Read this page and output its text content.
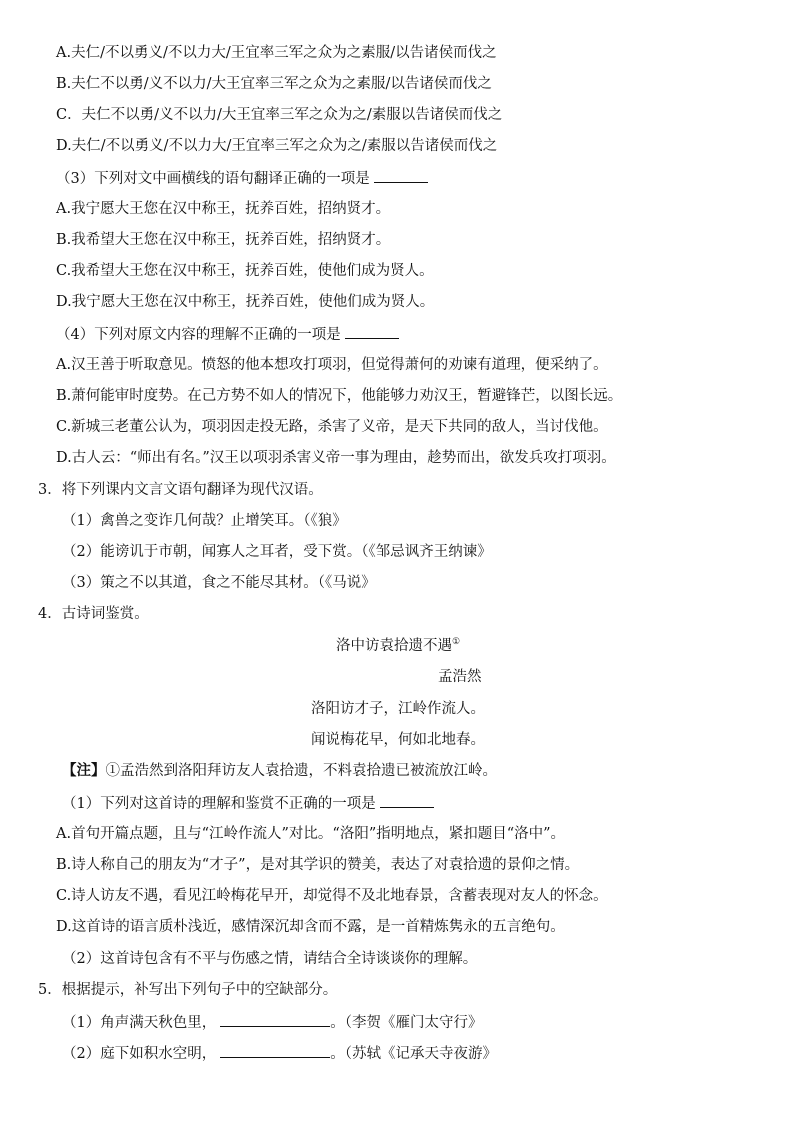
A.夫仁/不以勇义/不以力大/王宜率三军之众为之素服/以告诸侯而伐之
B.夫仁不以勇/义不以力/大王宜率三军之众为之素服/以告诸侯而伐之
C．夫仁不以勇/义不以力/大王宜率三军之众为之/素服以告诸侯而伐之
D.夫仁/不以勇义/不以力大/王宜率三军之众为之/素服以告诸侯而伐之
（3）下列对文中画横线的语句翻译正确的一项是
A.我宁愿大王您在汉中称王，抚养百姓，招纳贤才。
B.我希望大王您在汉中称王，抚养百姓，招纳贤才。
C.我希望大王您在汉中称王，抚养百姓，使他们成为贤人。
D.我宁愿大王您在汉中称王，抚养百姓，使他们成为贤人。
（4）下列对原文内容的理解不正确的一项是
A.汉王善于听取意见。愤怒的他本想攻打项羽，但觉得萧何的劝谏有道理，便采纳了。
B.萧何能审时度势。在己方势不如人的情况下，他能够力劝汉王，暂避锋芒，以图长远。
C.新城三老董公认为，项羽因走投无路，杀害了义帝，是天下共同的敌人，当讨伐他。
D.古人云：“师出有名。”汉王以项羽杀害义帝一事为理由，趁势而出，欲发兵攻打项羽。
3．将下列课内文言文语句翻译为现代汉语。
（1）禽兽之变诈几何哉？止增笑耳。（《狼》
（2）能谤讥于市朝，闻寡人之耳者，受下赏。（《邹忌讽齐王纳谏》
（3）策之不以其道，食之不能尽其材。（《马说》
4．古诗词鉴赏。
洛中访袁拾遗不遇①
孟浩然
洛阳访才子，江岭作流人。
闻说梅花早，何如北地春。
【注】①孟浩然到洛阳拜访友人袁拾遗，不料袁拾遗已被流放江岭。
（1）下列对这首诗的理解和鉴赏不正确的一项是
A.首句开篇点题，且与“江岭作流人”对比。“洛阳”指明地点，紧扣题目“洛中”。
B.诗人称自己的朋友为“才子”，是对其学识的赞美，表达了对袁拾遗的景仰之情。
C.诗人访友不遇，看见江岭梅花早开，却觉得不及北地春景，含蓄表现对友人的怀念。
D.这首诗的语言质朴浅近，感情深沉却含而不露，是一首精炼隽永的五言绝句。
（2）这首诗包含有不平与伤感之情，请结合全诗谈谈你的理解。
5．根据提示，补写出下列句子中的空缺部分。
（1）角声满天秋色里，	。（李贺《雁门太守行》
（2）庭下如积水空明，	。（苏轼《记承天寺夜游》
